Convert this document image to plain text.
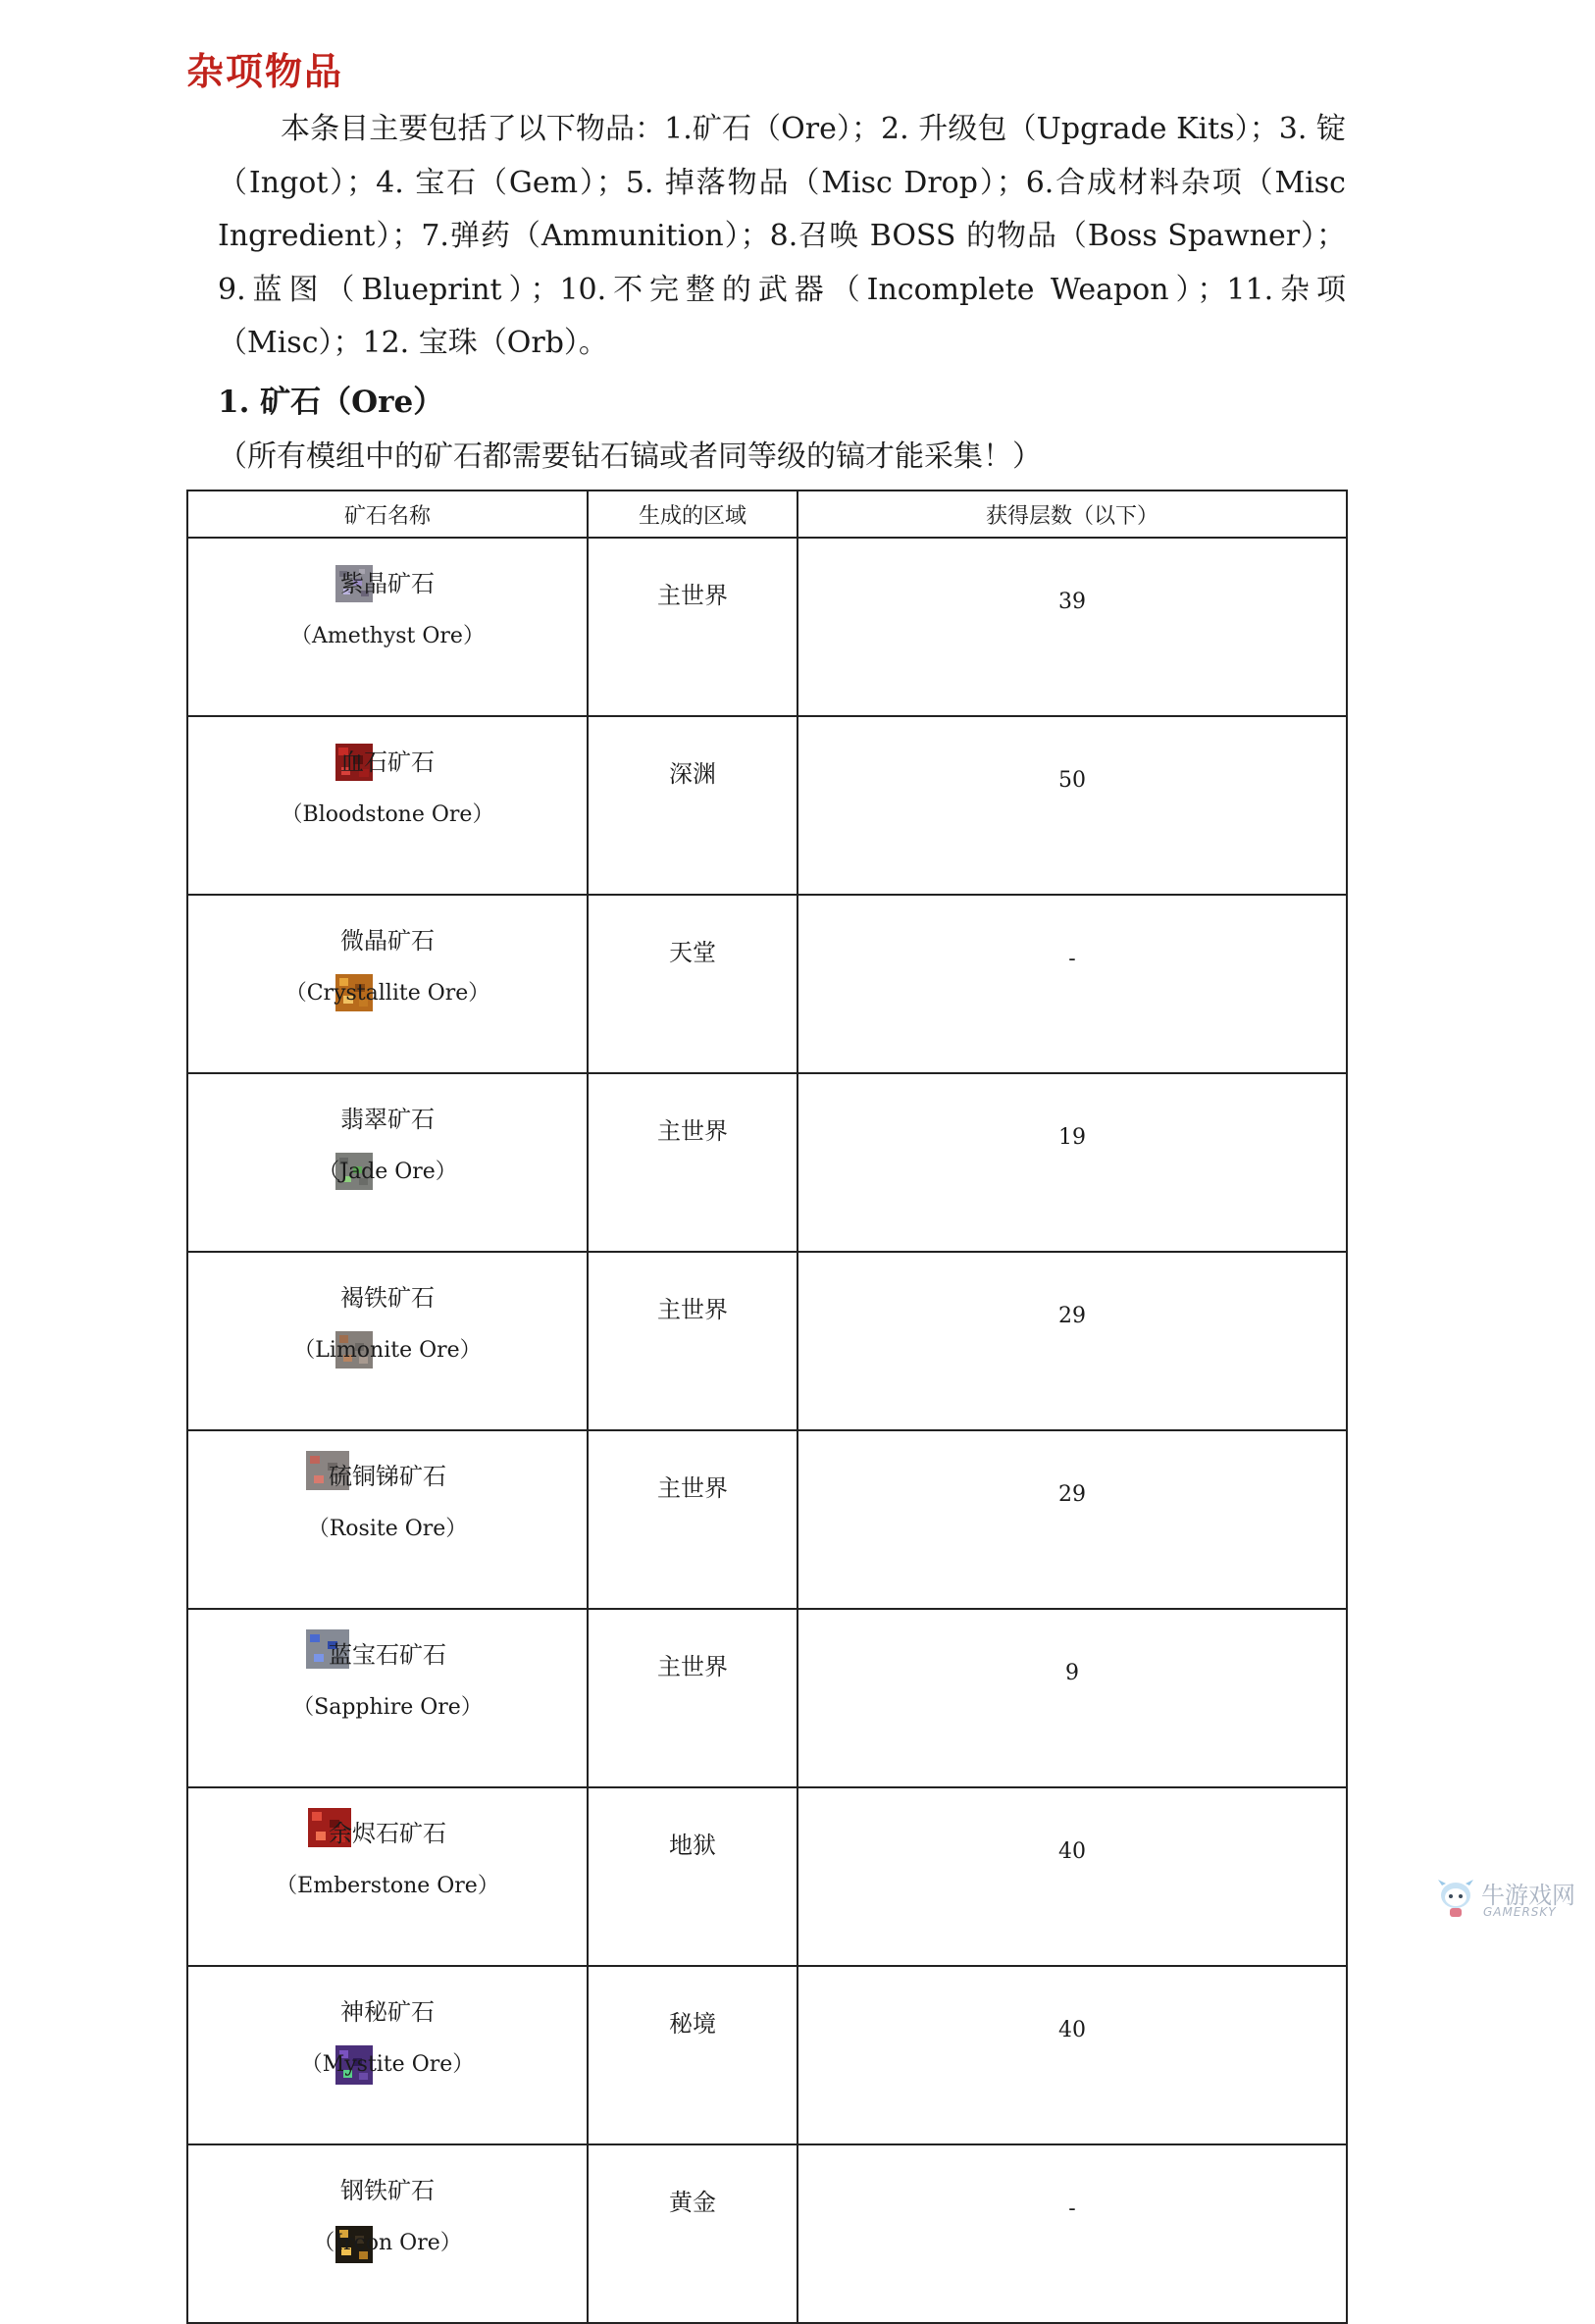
杂项物品

本条目主要包括了以下物品：1.矿石（Ore）；2. 升级包（Upgrade Kits）；3. 锭（Ingot）；4. 宝石（Gem）；5. 掉落物品（Misc Drop）；6.合成材料杂项（Misc Ingredient）；7.弹药（Ammunition）；8.召唤 BOSS 的物品（Boss Spawner）；9.蓝图（Blueprint）；10.不完整的武器（Incomplete Weapon）；11.杂项（Misc）；12. 宝珠（Orb）。

1. 矿石（Ore）
（所有模组中的矿石都需要钻石镐或者同等级的镐才能采集！）
矿石名称	生成的区域	获得层数（以下）

紫晶矿石
（Amethyst Ore）	主世界	39

血石矿石
（Bloodstone Ore）	深渊	50

微晶矿石
（Crystallite Ore）	天堂	-

翡翠矿石
（Jade Ore）	主世界	19

褐铁矿石
（Limonite Ore）	主世界	29

硫铜锑矿石
（Rosite Ore）	主世界	29

蓝宝石矿石
（Sapphire Ore）	主世界	9

余烬石矿石
（Emberstone Ore）	地狱	40

神秘矿石
（Mystite Ore）	秘境	40

钢铁矿石
（Ircon Ore）	黄金	-
牛游戏网
GAMERSKY
